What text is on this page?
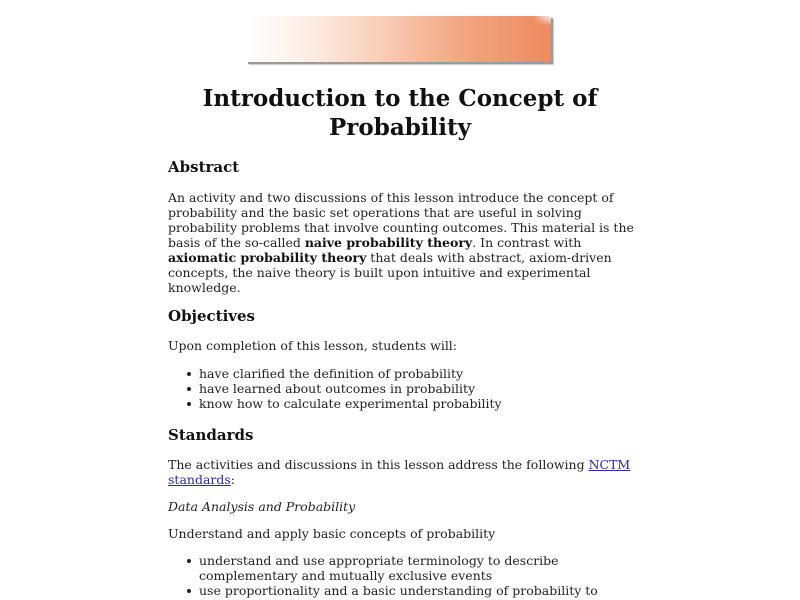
Introduction to the Concept of Probability
Abstract

An activity and two discussions of this lesson introduce the concept of probability and the basic set operations that are useful in solving probability problems that involve counting outcomes. This material is the basis of the so-called naive probability theory. In contrast with axiomatic probability theory that deals with abstract, axiom-driven concepts, the naive theory is built upon intuitive and experimental knowledge.

Objectives

Upon completion of this lesson, students will:

have clarified the definition of probability
have learned about outcomes in probability
know how to calculate experimental probability
Standards

The activities and discussions in this lesson address the following NCTM standards:

Data Analysis and Probability

Understand and apply basic concepts of probability

understand and use appropriate terminology to describe complementary and mutually exclusive events
use proportionality and a basic understanding of probability to
